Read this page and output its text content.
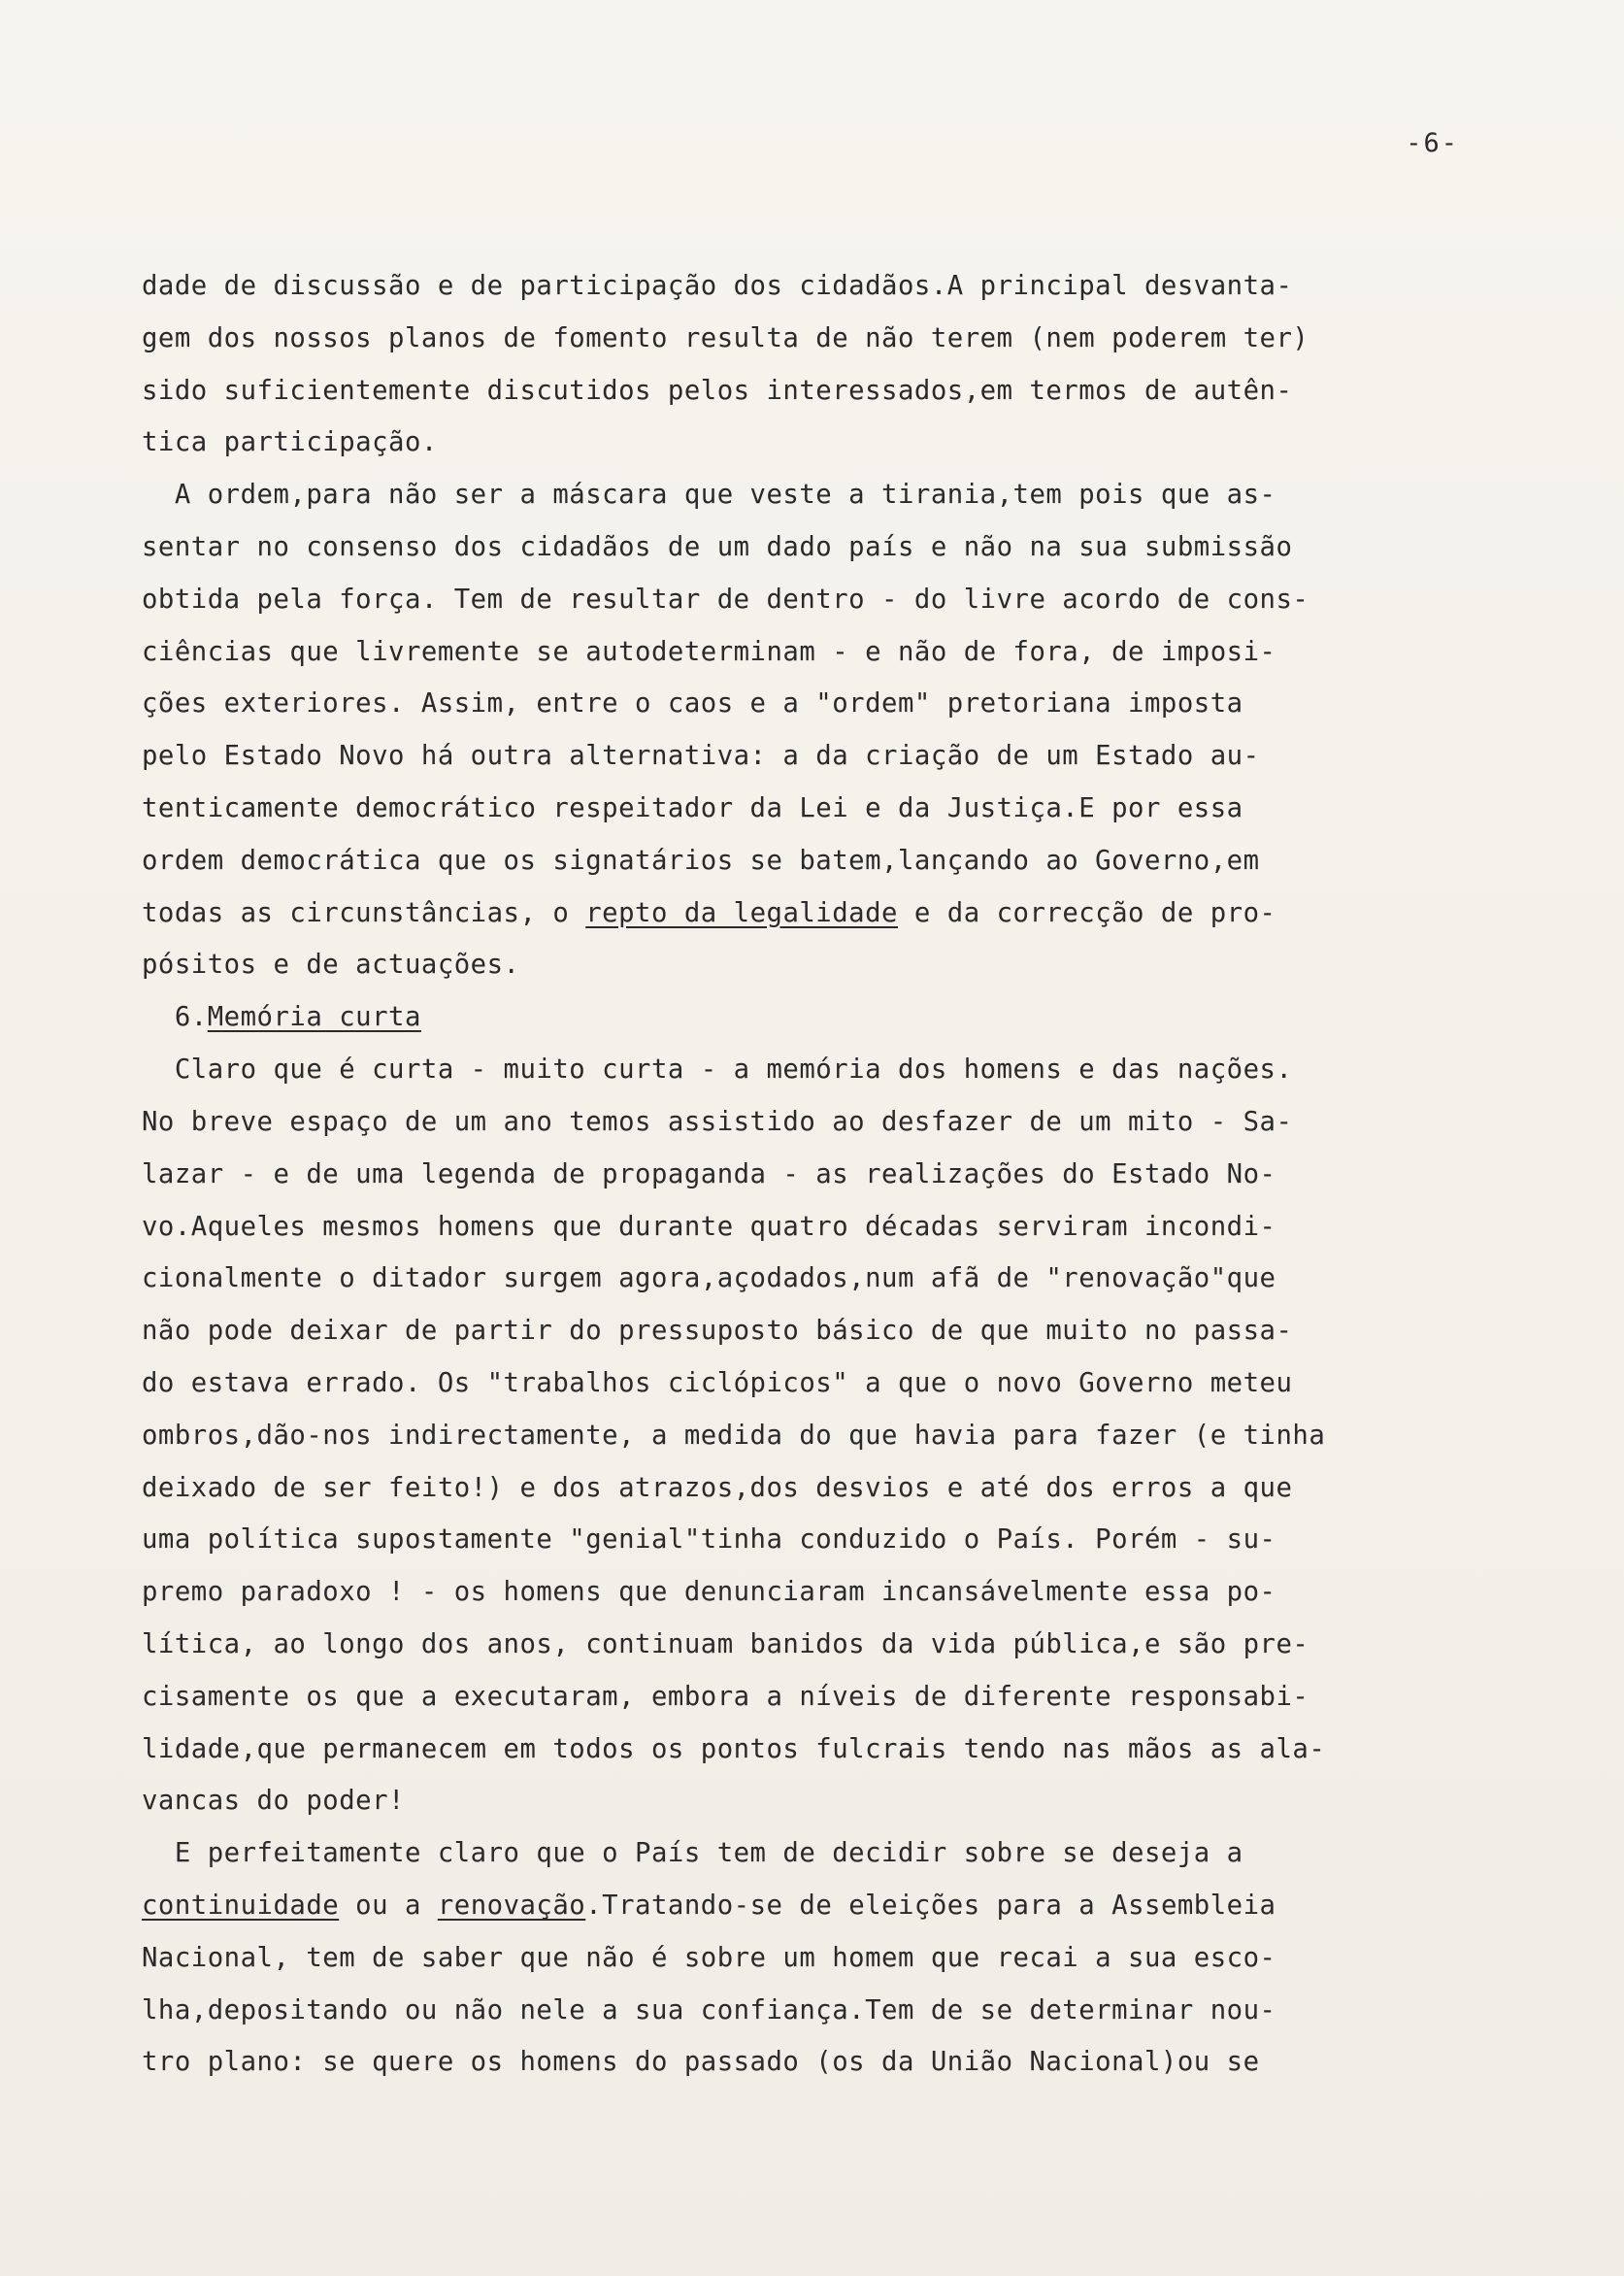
-6-
dade de discussão e de participação dos cidadãos.A principal desvanta-
gem dos nossos planos de fomento resulta de não terem (nem poderem ter)
sido suficientemente discutidos pelos interessados,em termos de autên-
tica participação.
A ordem,para não ser a máscara que veste a tirania,tem pois que as-
sentar no consenso dos cidadãos de um dado país e não na sua submissão
obtida pela força. Tem de resultar de dentro - do livre acordo de cons-
ciências que livremente se autodeterminam - e não de fora, de imposi-
ções exteriores. Assim, entre o caos e a "ordem" pretoriana imposta
pelo Estado Novo há outra alternativa: a da criação de um Estado au-
tenticamente democrático respeitador da Lei e da Justiça.E por essa
ordem democrática que os signatários se batem,lançando ao Governo,em
todas as circunstâncias, o repto da legalidade e da correcção de pro-
pósitos e de actuações.
6.Memória curta
Claro que é curta - muito curta - a memória dos homens e das nações.
No breve espaço de um ano temos assistido ao desfazer de um mito - Sa-
lazar - e de uma legenda de propaganda - as realizações do Estado No-
vo.Aqueles mesmos homens que durante quatro décadas serviram incondi-
cionalmente o ditador surgem agora,açodados,num afã de "renovação"que
não pode deixar de partir do pressuposto básico de que muito no passa-
do estava errado. Os "trabalhos ciclópicos" a que o novo Governo meteu
ombros,dão-nos indirectamente, a medida do que havia para fazer (e tinha
deixado de ser feito!) e dos atrazos,dos desvios e até dos erros a que
uma política supostamente "genial"tinha conduzido o País. Porém - su-
premo paradoxo ! - os homens que denunciaram incansávelmente essa po-
lítica, ao longo dos anos, continuam banidos da vida pública,e são pre-
cisamente os que a executaram, embora a níveis de diferente responsabi-
lidade,que permanecem em todos os pontos fulcrais tendo nas mãos as ala-
vancas do poder!
E perfeitamente claro que o País tem de decidir sobre se deseja a
continuidade ou a renovação.Tratando-se de eleições para a Assembleia
Nacional, tem de saber que não é sobre um homem que recai a sua esco-
lha,depositando ou não nele a sua confiança.Tem de se determinar nou-
tro plano: se quere os homens do passado (os da União Nacional)ou se
